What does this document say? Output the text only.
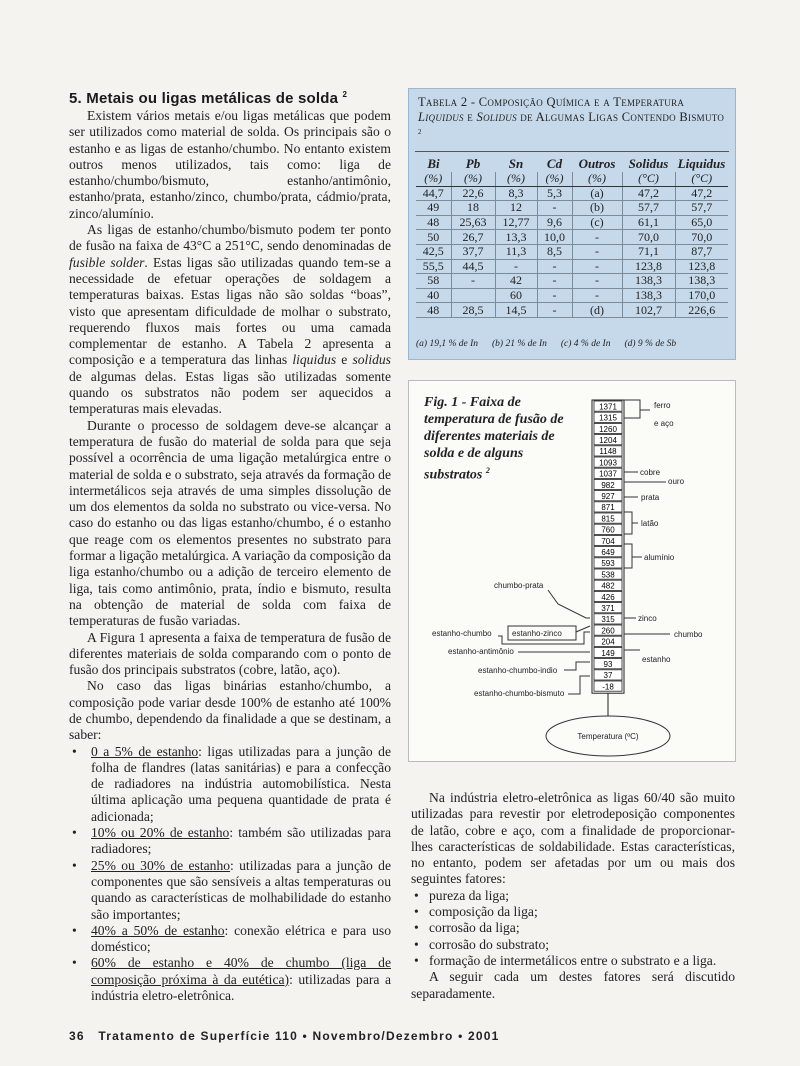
5. Metais ou ligas metálicas de solda $^2$

Existem vários metais e/ou ligas metálicas que podem ser utilizados como material de solda. Os principais são o estanho e as ligas de estanho/chumbo. No entanto existem outros menos utilizados, tais como: liga de estanho/chumbo/bismuto, estanho/antimônio, estanho/prata, estanho/zinco, chumbo/prata, cádmio/prata, zinco/alumínio.

As ligas de estanho/chumbo/bismuto podem ter ponto de fusão na faixa de 43°C a 251°C, sendo denominadas de fusible solder. Estas ligas são utilizadas quando tem-se a necessidade de efetuar operações de soldagem a temperaturas baixas. Estas ligas não são soldas “boas”, visto que apresentam dificuldade de molhar o substrato, requerendo fluxos mais fortes ou uma camada complementar de estanho. A Tabela 2 apresenta a composição e a temperatura das linhas liquidus e solidus de algumas delas. Estas ligas são utilizadas somente quando os substratos não podem ser aquecidos a temperaturas mais elevadas.

Durante o processo de soldagem deve-se alcançar a temperatura de fusão do material de solda para que seja possível a ocorrência de uma ligação metalúrgica entre o material de solda e o substrato, seja através da formação de intermetálicos seja através de uma simples dissolução de um dos elementos da solda no substrato ou vice-versa. No caso do estanho ou das ligas estanho/chumbo, é o estanho que reage com os elementos presentes no substrato para formar a ligação metalúrgica. A variação da composição da liga estanho/chumbo ou a adição de terceiro elemento de liga, tais como antimônio, prata, índio e bismuto, resulta na obtenção de material de solda com faixa de temperaturas de fusão variadas.

A Figura 1 apresenta a faixa de temperatura de fusão de diferentes materiais de solda comparando com o ponto de fusão dos principais substratos (cobre, latão, aço).

No caso das ligas binárias estanho/chumbo, a composição pode variar desde 100% de estanho até 100% de chumbo, dependendo da finalidade a que se destinam, a saber:

• 0 a 5% de estanho: ligas utilizadas para a junção de folha de flandres (latas sanitárias) e para a confecção de radiadores na indústria automobilística. Nesta última aplicação uma pequena quantidade de prata é adicionada;
• 10% ou 20% de estanho: também são utilizadas para radiadores;
• 25% ou 30% de estanho: utilizadas para a junção de componentes que são sensíveis a altas temperaturas ou quando as características de molhabilidade do estanho são importantes;
• 40% a 50% de estanho: conexão elétrica e para uso doméstico;
• 60% de estanho e 40% de chumbo (liga de composição próxima à da eutética): utilizadas para a indústria eletro-eletrônica.
Tabela 2 - Composição Química e a Temperatura Liquidus e Solidus de Algumas Ligas Contendo Bismuto $^2$
Bi	Pb	Sn	Cd	Outros	Solidus	Liquidus
(%)	(%)	(%)	(%)	(%)	(°C)	(°C)
44,7	22,6	8,3	5,3	(a)	47,2	47,2
49	18	12	-	(b)	57,7	57,7
48	25,63	12,77	9,6	(c)	61,1	65,0
50	26,7	13,3	10,0	-	70,0	70,0
42,5	37,7	11,3	8,5	-	71,1	87,7
55,5	44,5	-	-	-	123,8	123,8
58	-	42	-	-	138,3	138,3
40		60	-	-	138,3	170,0
48	28,5	14,5	-	(d)	102,7	226,6
(a) 19,1 % de In (b) 21 % de In (c) 4 % de In (d) 9 % de Sb
Fig. 1 - Faixa de temperatura de fusão de diferentes materiais de solda e de alguns substratos $^2$
1371
1315
1260
1204
1148
1093
1037
982
927
871
815
760
704
649
593
538
482
426
371
315
260
204
149
93
37
-18
ferro
e aço
cobre
ouro
prata
latão
alumínio
zinco
chumbo
estanho
chumbo-prata
estanho-chumbo	estanho-zinco
estanho-antimônio
estanho-chumbo-indio
estanho-chumbo-bismuto
Temperatura (ºC)

Na indústria eletro-eletrônica as ligas 60/40 são muito utilizadas para revestir por eletrodeposição componentes de latão, cobre e aço, com a finalidade de proporcionar-lhes características de soldabilidade. Estas características, no entanto, podem ser afetadas por um ou mais dos seguintes fatores:

• pureza da liga;
• composição da liga;
• corrosão da liga;
• corrosão do substrato;
• formação de intermetálicos entre o substrato e a liga.

A seguir cada um destes fatores será discutido separadamente.

36   Tratamento de Superfície 110 • Novembro/Dezembro • 2001
